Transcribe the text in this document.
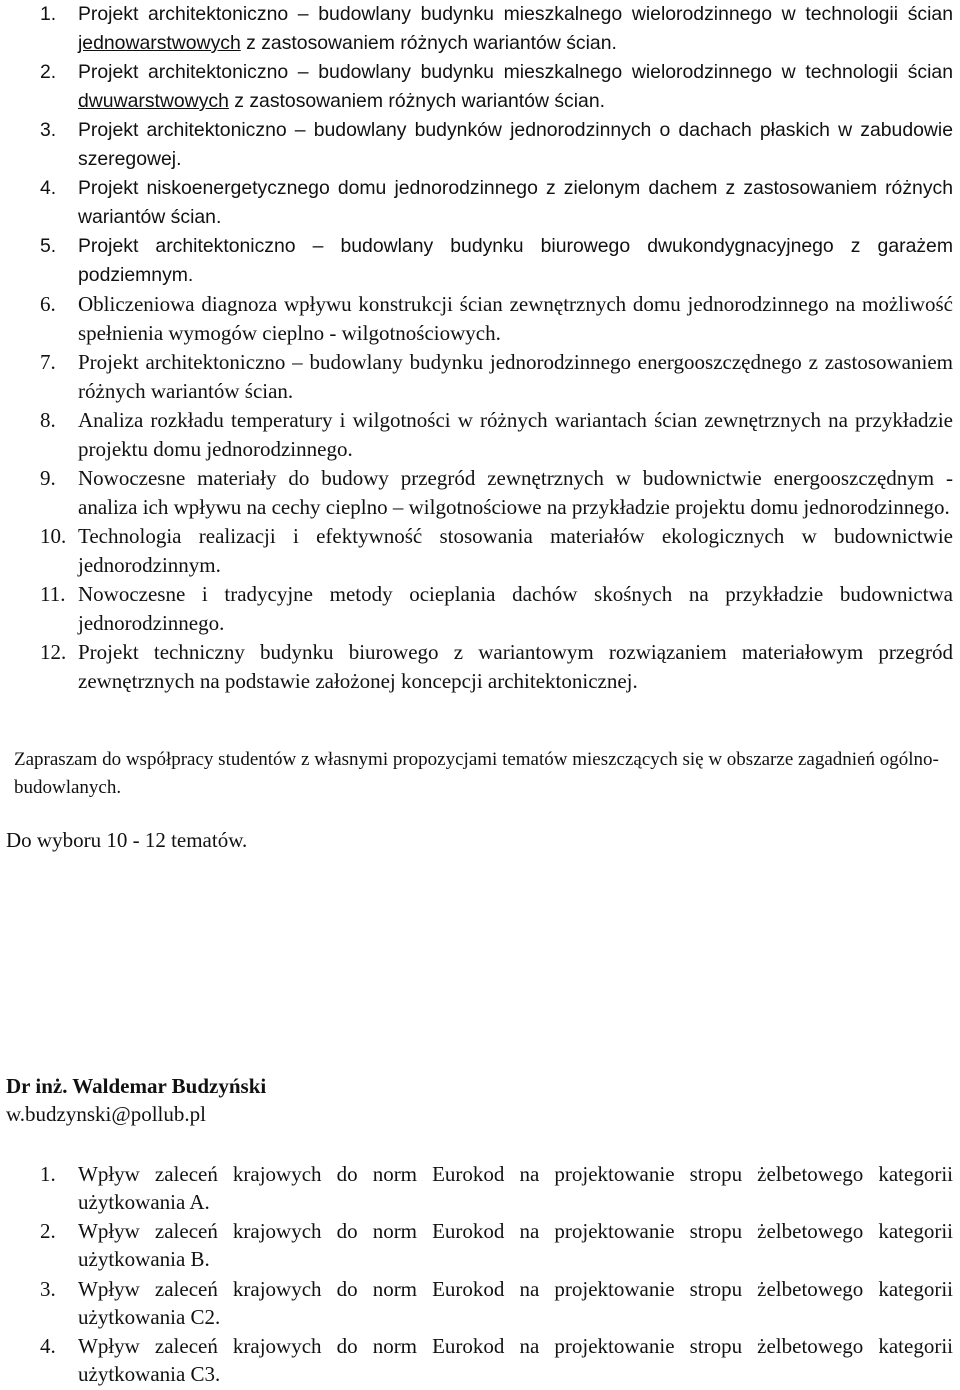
1.	Projekt architektoniczno – budowlany budynku mieszkalnego wielorodzinnego w technologii ścian jednowarstwowych z zastosowaniem różnych wariantów ścian.
2.	Projekt architektoniczno – budowlany budynku mieszkalnego wielorodzinnego w technologii ścian dwuwarstwowych z zastosowaniem różnych wariantów ścian.
3.	Projekt architektoniczno – budowlany budynków jednorodzinnych o dachach płaskich w zabudowie szeregowej.
4.	Projekt niskoenergetycznego domu jednorodzinnego z zielonym dachem z zastosowaniem różnych wariantów ścian.
5.	Projekt architektoniczno – budowlany budynku biurowego dwukondygnacyjnego z garażem podziemnym.
6.	Obliczeniowa diagnoza wpływu konstrukcji ścian zewnętrznych domu jednorodzinnego na możliwość spełnienia wymogów cieplno - wilgotnościowych.
7.	Projekt architektoniczno – budowlany budynku jednorodzinnego energooszczędnego z zastosowaniem różnych wariantów ścian.
8.	Analiza rozkładu temperatury i wilgotności w różnych wariantach ścian zewnętrznych na przykładzie projektu domu jednorodzinnego.
9.	Nowoczesne materiały do budowy przegród zewnętrznych w budownictwie energooszczędnym - analiza ich wpływu na cechy cieplno – wilgotnościowe na przykładzie projektu domu jednorodzinnego.
10. Technologia realizacji i efektywność stosowania materiałów ekologicznych w budownictwie jednorodzinnym.
11. Nowoczesne i tradycyjne metody ocieplania dachów skośnych na przykładzie budownictwa jednorodzinnego.
12. Projekt techniczny budynku biurowego z wariantowym rozwiązaniem materiałowym przegród zewnętrznych na podstawie założonej koncepcji architektonicznej.

Zapraszam do współpracy studentów z własnymi propozycjami tematów mieszczących się w obszarze zagadnień ogólno-budowlanych.

Do wyboru 10 - 12 tematów.

Dr inż. Waldemar Budzyński

w.budzynski@pollub.pl

1.	Wpływ zaleceń krajowych do norm Eurokod na projektowanie stropu żelbetowego kategorii użytkowania A.
2.	Wpływ zaleceń krajowych do norm Eurokod na projektowanie stropu żelbetowego kategorii użytkowania B.
3.	Wpływ zaleceń krajowych do norm Eurokod na projektowanie stropu żelbetowego kategorii użytkowania C2.
4.	Wpływ zaleceń krajowych do norm Eurokod na projektowanie stropu żelbetowego kategorii użytkowania C3.
